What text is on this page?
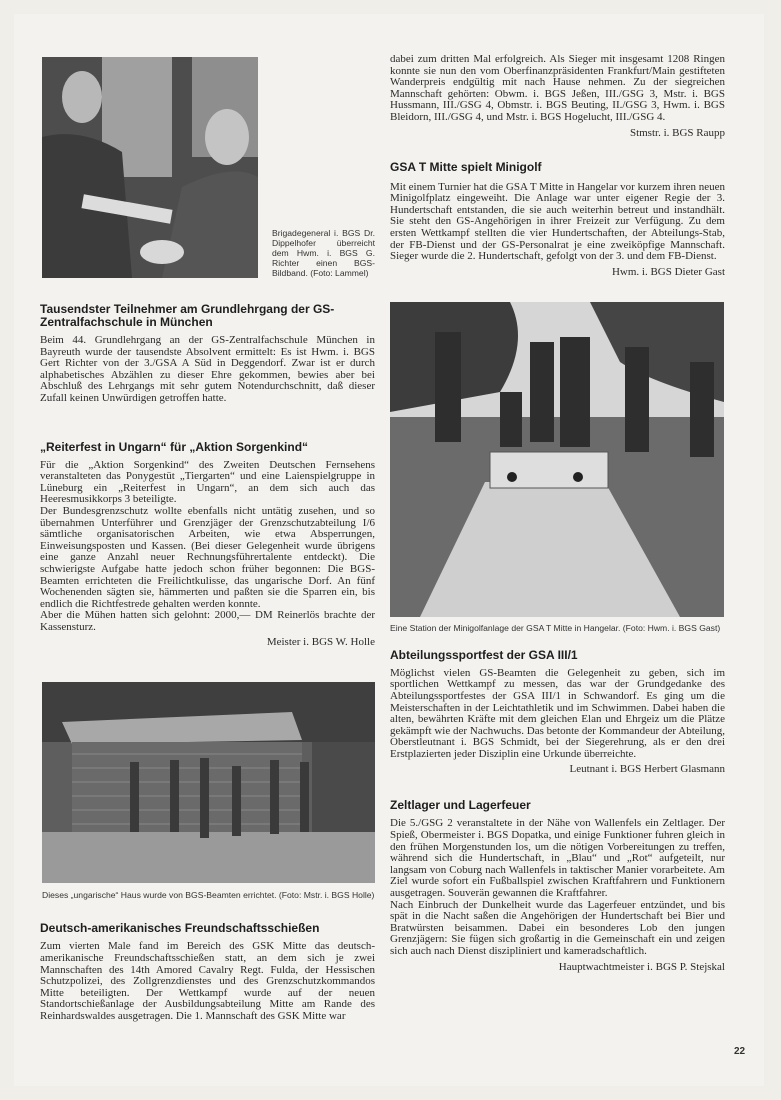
Brigadegeneral i. BGS Dr. Dippelhofer überreicht dem Hwm. i. BGS G. Richter einen BGS-Bildband. (Foto: Lammel)

Tausendster Teilnehmer am Grundlehrgang der GS-Zentralfachschule in München

Beim 44. Grundlehrgang an der GS-Zentralfachschule München in Bayreuth wurde der tausendste Absolvent ermittelt: Es ist Hwm. i. BGS Gert Richter von der 3./GSA A Süd in Deggendorf. Zwar ist er durch alphabetisches Abzählen zu dieser Ehre gekommen, bewies aber bei Abschluß des Lehrgangs mit sehr gutem Notendurchschnitt, daß dieser Zufall keinen Unwürdigen getroffen hatte.

„Reiterfest in Ungarn“ für „Aktion Sorgenkind“

Für die „Aktion Sorgenkind“ des Zweiten Deutschen Fernsehens veranstalteten das Ponygestüt „Tiergarten“ und eine Laienspielgruppe in Lüneburg ein „Reiterfest in Ungarn“, an dem sich auch das Heeresmusikkorps 3 beteiligte.

Der Bundesgrenzschutz wollte ebenfalls nicht untätig zusehen, und so übernahmen Unterführer und Grenzjäger der Grenzschutzabteilung I/6 sämtliche organisatorischen Arbeiten, wie etwa Absperrungen, Einweisungsposten und Kassen. (Bei dieser Gelegenheit wurde übrigens eine ganze Anzahl neuer Rechnungsführertalente entdeckt). Die schwierigste Aufgabe hatte jedoch schon früher begonnen: Die BGS-Beamten errichteten die Freilichtkulisse, das ungarische Dorf. An fünf Wochenenden sägten sie, hämmerten und paßten sie die Sparren ein, bis endlich die Richtfestrede gehalten werden konnte.

Aber die Mühen hatten sich gelohnt: 2000,— DM Reinerlös brachte der Kassensturz.

Meister i. BGS W. Holle

Dieses „ungarische“ Haus wurde von BGS-Beamten errichtet. (Foto: Mstr. i. BGS Holle)

Deutsch-amerikanisches Freundschaftsschießen

Zum vierten Male fand im Bereich des GSK Mitte das deutsch-amerikanische Freundschaftsschießen statt, an dem sich je zwei Mannschaften des 14th Amored Cavalry Regt. Fulda, der Hessischen Schutzpolizei, des Zollgrenzdienstes und des Grenzschutzkommandos Mitte beteiligten. Der Wettkampf wurde auf der neuen Standortschießanlage der Ausbildungsabteilung Mitte am Rande des Reinhardswaldes ausgetragen. Die 1. Mannschaft des GSK Mitte war

dabei zum dritten Mal erfolgreich. Als Sieger mit insgesamt 1208 Ringen konnte sie nun den vom Oberfinanzpräsidenten Frankfurt/Main gestifteten Wanderpreis endgültig mit nach Hause nehmen. Zu der siegreichen Mannschaft gehörten: Obwm. i. BGS Jeßen, III./GSG 3, Mstr. i. BGS Hussmann, III./GSG 4, Obmstr. i. BGS Beuting, II./GSG 3, Hwm. i. BGS Bleidorn, III./GSG 4, und Mstr. i. BGS Hogelucht, III./GSG 4.

Stmstr. i. BGS Raupp

GSA T Mitte spielt Minigolf

Mit einem Turnier hat die GSA T Mitte in Hangelar vor kurzem ihren neuen Minigolfplatz eingeweiht. Die Anlage war unter eigener Regie der 3. Hundertschaft entstanden, die sie auch weiterhin betreut und instandhält. Sie steht den GS-Angehörigen in ihrer Freizeit zur Verfügung. Zu dem ersten Wettkampf stellten die vier Hundertschaften, der Abteilungs-Stab, der FB-Dienst und der GS-Personalrat je eine zweiköpfige Mannschaft. Sieger wurde die 2. Hundertschaft, gefolgt von der 3. und dem FB-Dienst.

Hwm. i. BGS Dieter Gast

Eine Station der Minigolfanlage der GSA T Mitte in Hangelar. (Foto: Hwm. i. BGS Gast)

Abteilungssportfest der GSA III/1

Möglichst vielen GS-Beamten die Gelegenheit zu geben, sich im sportlichen Wettkampf zu messen, das war der Grundgedanke des Abteilungssportfestes der GSA III/1 in Schwandorf. Es ging um die Meisterschaften in der Leichtathletik und im Schwimmen. Dabei haben die alten, bewährten Kräfte mit dem gleichen Elan und Ehrgeiz um die Plätze gekämpft wie der Nachwuchs. Das betonte der Kommandeur der Abteilung, Oberstleutnant i. BGS Schmidt, bei der Siegerehrung, als er den drei Erstplazierten jeder Disziplin eine Urkunde überreichte.

Leutnant i. BGS Herbert Glasmann

Zeltlager und Lagerfeuer

Die 5./GSG 2 veranstaltete in der Nähe von Wallenfels ein Zeltlager. Der Spieß, Obermeister i. BGS Dopatka, und einige Funktioner fuhren gleich in den frühen Morgenstunden los, um die nötigen Vorbereitungen zu treffen, während sich die Hundertschaft, in „Blau“ und „Rot“ aufgeteilt, nur langsam von Coburg nach Wallenfels in taktischer Manier vorarbeitete. Am Ziel wurde sofort ein Fußballspiel zwischen Kraftfahrern und Funktionern ausgetragen. Souverän gewannen die Kraftfahrer.

Nach Einbruch der Dunkelheit wurde das Lagerfeuer entzündet, und bis spät in die Nacht saßen die Angehörigen der Hundertschaft bei Bier und Bratwürsten beisammen. Dabei ein besonderes Lob den jungen Grenzjägern: Sie fügen sich großartig in die Gemeinschaft ein und zeigen sich auch nach Dienst diszipliniert und kameradschaftlich.

Hauptwachtmeister i. BGS P. Stejskal

22
